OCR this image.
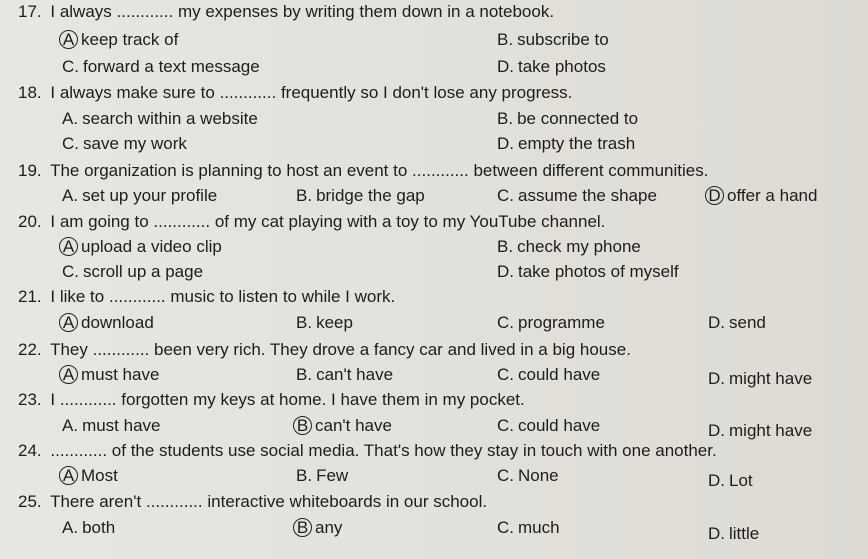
17. I always ............ my expenses by writing them down in a notebook.
A keep track of	B. subscribe to
C. forward a text message	D. take photos
18. I always make sure to ............ frequently so I don't lose any progress.
A. search within a website	B. be connected to
C. save my work	D. empty the trash
19. The organization is planning to host an event to ............ between different communities.
A. set up your profile	B. bridge the gap	C. assume the shape	D offer a hand
20. I am going to ............ of my cat playing with a toy to my YouTube channel.
A upload a video clip	B. check my phone
C. scroll up a page	D. take photos of myself
21. I like to ............ music to listen to while I work.
A download	B. keep	C. programme	D. send
22. They ............ been very rich. They drove a fancy car and lived in a big house.
A must have	B. can't have	C. could have	D. might have
23. I ............ forgotten my keys at home. I have them in my pocket.
A. must have	B can't have	C. could have	D. might have
24. ............ of the students use social media. That's how they stay in touch with one another.
A Most	B. Few	C. None	D. Lot
25. There aren't ............ interactive whiteboards in our school.
A. both	B any	C. much	D. little
